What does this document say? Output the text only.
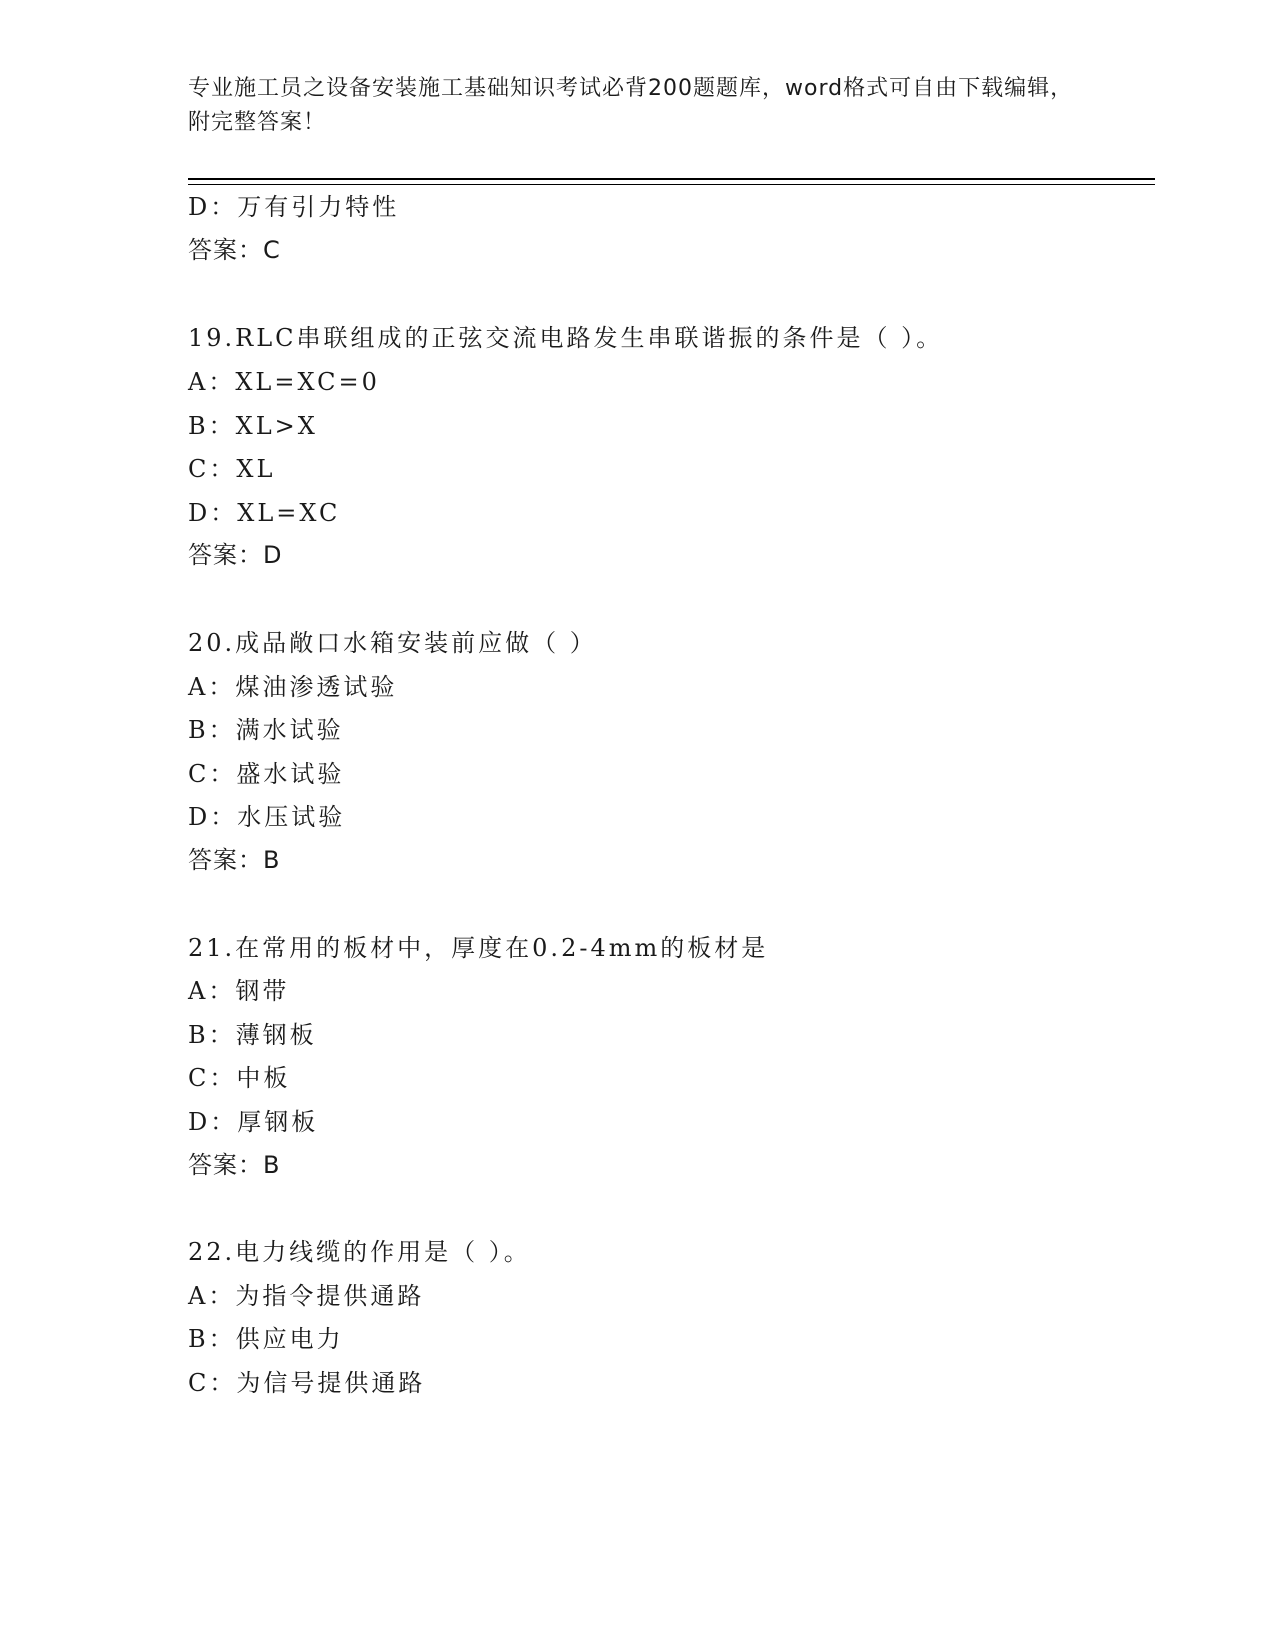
专业施工员之设备安装施工基础知识考试必背200题题库，word格式可自由下载编辑，附完整答案！
D：万有引力特性
答案：C
19.RLC串联组成的正弦交流电路发生串联谐振的条件是（ ）。
A：XL=XC=0
B：XL>X
C：XL
D：XL=XC
答案：D
20.成品敞口水箱安装前应做（ ）
A：煤油渗透试验
B：满水试验
C：盛水试验
D：水压试验
答案：B
21.在常用的板材中，厚度在0.2-4mm的板材是
A：钢带
B：薄钢板
C：中板
D：厚钢板
答案：B
22.电力线缆的作用是（ ）。
A：为指令提供通路
B：供应电力
C：为信号提供通路
